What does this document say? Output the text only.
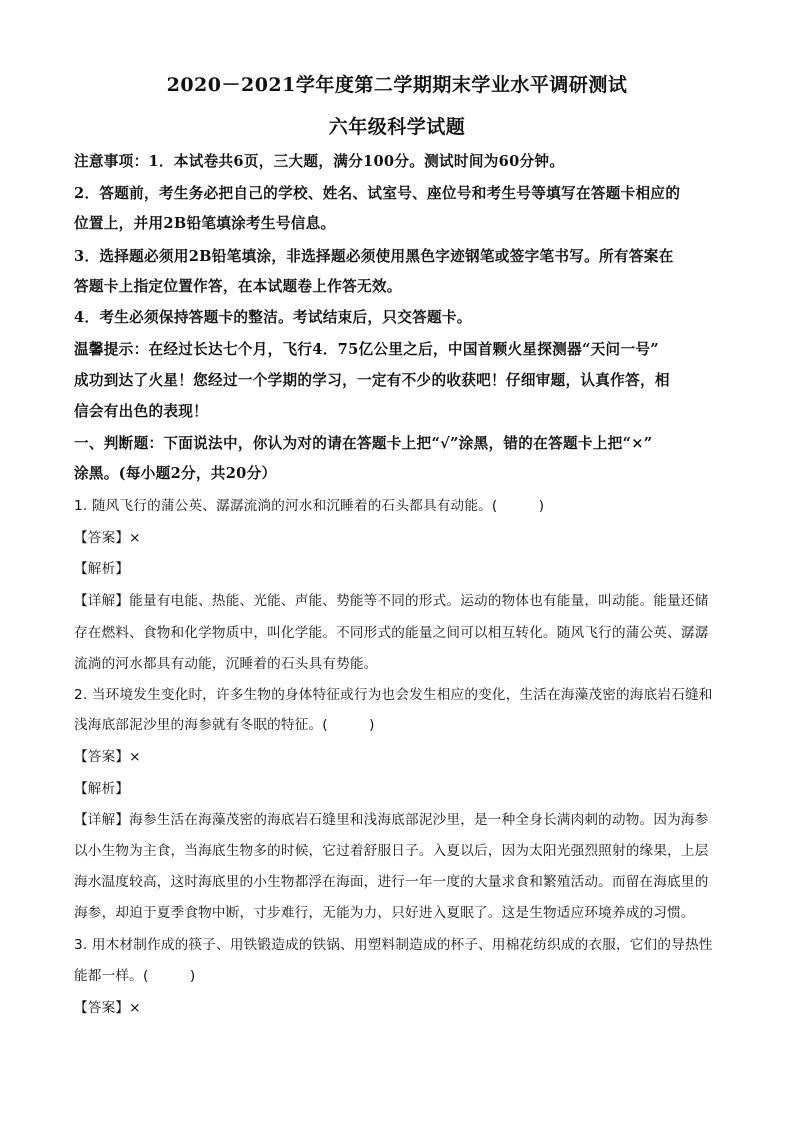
2020－2021学年度第二学期期末学业水平调研测试
六年级科学试题
注意事项：1．本试卷共6页，三大题，满分100分。测试时间为60分钟。
2．答题前，考生务必把自己的学校、姓名、试室号、座位号和考生号等填写在答题卡相应的
位置上，并用2B铅笔填涂考生号信息。
3．选择题必须用2B铅笔填涂，非选择题必须使用黑色字迹钢笔或签字笔书写。所有答案在
答题卡上指定位置作答，在本试题卷上作答无效。
4．考生必须保持答题卡的整洁。考试结束后，只交答题卡。
温馨提示：在经过长达七个月，飞行4．75亿公里之后，中国首颗火星探测器“天问一号”
成功到达了火星！您经过一个学期的学习，一定有不少的收获吧！仔细审题，认真作答，相
信会有出色的表现！
一、判断题：下面说法中，你认为对的请在答题卡上把“√”涂黑，错的在答题卡上把“×”
涂黑。(每小题2分，共20分）
1. 随风飞行的蒲公英、潺潺流淌的河水和沉睡着的石头都具有动能。(　　　)
【答案】×
【解析】
【详解】能量有电能、热能、光能、声能、势能等不同的形式。运动的物体也有能量，叫动能。能量还储
存在燃料、食物和化学物质中，叫化学能。不同形式的能量之间可以相互转化。随风飞行的蒲公英、潺潺
流淌的河水都具有动能，沉睡着的石头具有势能。
2. 当环境发生变化时，许多生物的身体特征或行为也会发生相应的变化，生活在海藻茂密的海底岩石缝和
浅海底部泥沙里的海参就有冬眠的特征。(　　　)
【答案】×
【解析】
【详解】海参生活在海藻茂密的海底岩石缝里和浅海底部泥沙里，是一种全身长满肉刺的动物。因为海参
以小生物为主食，当海底生物多的时候，它过着舒服日子。入夏以后，因为太阳光强烈照射的缘果，上层
海水温度较高，这时海底里的小生物都浮在海面，进行一年一度的大量求食和繁殖活动。而留在海底里的
海参，却迫于夏季食物中断，寸步难行，无能为力，只好进入夏眠了。这是生物适应环境养成的习惯。
3. 用木材制作成的筷子、用铁锻造成的铁锅、用塑料制造成的杯子、用棉花纺织成的衣服，它们的导热性
能都一样。(　　　)
【答案】×
